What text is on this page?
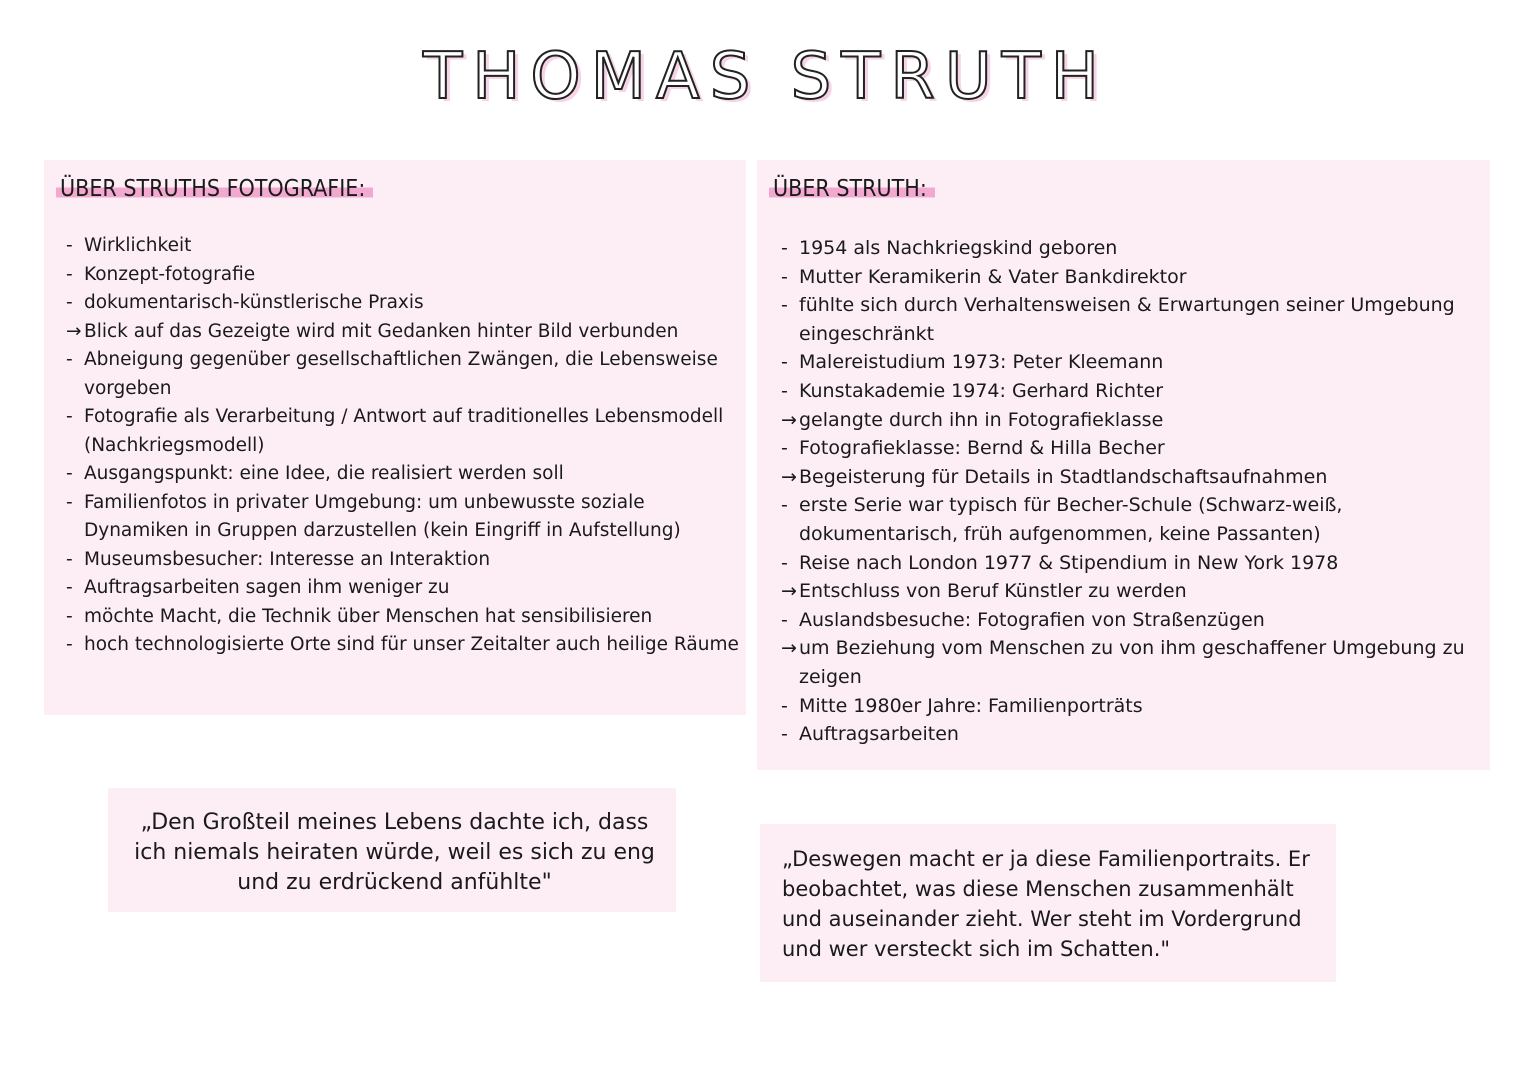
THOMAS STRUTH
ÜBER STRUTHS FOTOGRAFIE:
- Wirklichkeit
- Konzept-fotografie
- dokumentarisch-künstlerische Praxis
→ Blick auf das Gezeigte wird mit Gedanken hinter Bild verbunden
- Abneigung gegenüber gesellschaftlichen Zwängen, die Lebensweise vorgeben
- Fotografie als Verarbeitung / Antwort auf traditionelles Lebensmodell (Nachkriegsmodell)
- Ausgangspunkt: eine Idee, die realisiert werden soll
- Familienfotos in privater Umgebung: um unbewusste soziale Dynamiken in Gruppen darzustellen (kein Eingriff in Aufstellung)
- Museumsbesucher: Interesse an Interaktion
- Auftragsarbeiten sagen ihm weniger zu
- möchte Macht, die Technik über Menschen hat sensibilisieren
- hoch technologisierte Orte sind für unser Zeitalter auch heilige Räume
ÜBER STRUTH:
- 1954 als Nachkriegskind geboren
- Mutter Keramikerin & Vater Bankdirektor
- fühlte sich durch Verhaltensweisen & Erwartungen seiner Umgebung eingeschränkt
- Malereistudium 1973: Peter Kleemann
- Kunstakademie 1974: Gerhard Richter
→ gelangte durch ihn in Fotografieklasse
- Fotografieklasse: Bernd & Hilla Becher
→ Begeisterung für Details in Stadtlandschaftsaufnahmen
- erste Serie war typisch für Becher-Schule (Schwarz-weiß, dokumentarisch, früh aufgenommen, keine Passanten)
- Reise nach London 1977 & Stipendium in New York 1978
→ Entschluss von Beruf Künstler zu werden
- Auslandsbesuche: Fotografien von Straßenzügen
→ um Beziehung vom Menschen zu von ihm geschaffener Umgebung zu zeigen
- Mitte 1980er Jahre: Familienporträts
- Auftragsarbeiten
„Den Großteil meines Lebens dachte ich, dass ich niemals heiraten würde, weil es sich zu eng und zu erdrückend anfühlte"
„Deswegen macht er ja diese Familienportraits. Er beobachtet, was diese Menschen zusammenhält und auseinander zieht. Wer steht im Vordergrund und wer versteckt sich im Schatten."
